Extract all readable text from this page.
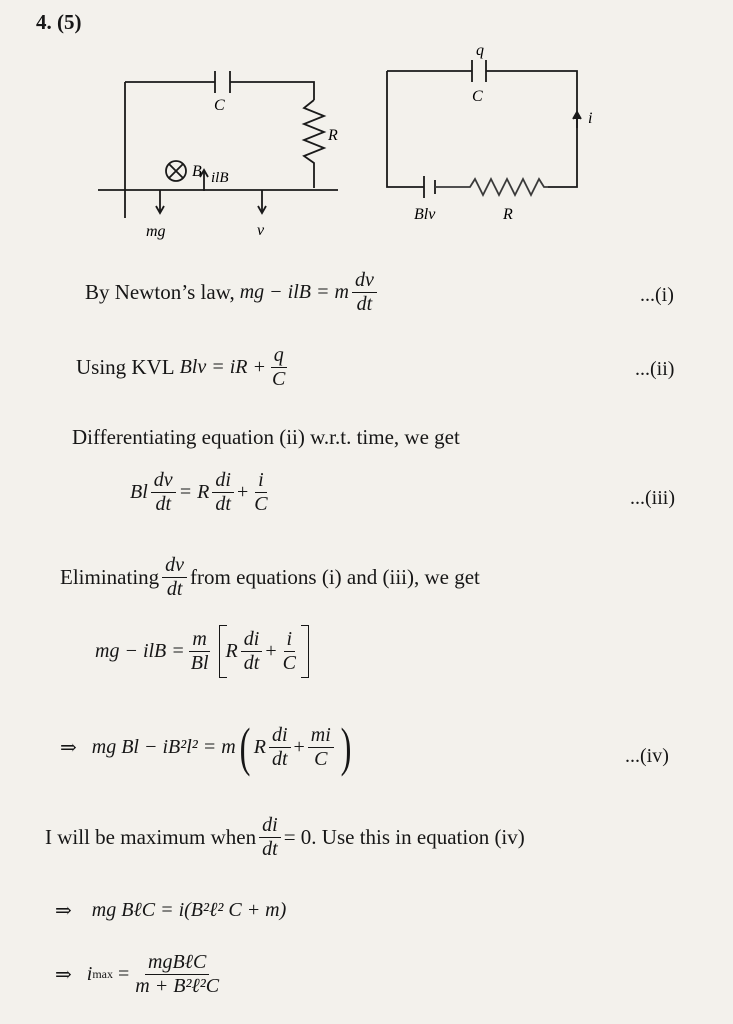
4. (5)
C
R
B ilB
mg	v
q
C
i
Blv	R
By Newton’s law,
mg − ilB = m $\frac{dv}{dt}$	...(i)
Using KVL
Blv = iR + $\frac{q}{C}$	...(ii)
Differentiating equation (ii) w.r.t. time, we get
Bl $\frac{dv}{dt} = R \frac{di}{dt} + \frac{i}{C}$	...(iii)
Eliminating $\frac{dv}{dt}$ from equations (i) and (iii), we get
mg − ilB = $\frac{m}{Bl}$ R $\frac{di}{dt} + \frac{i}{C}$
⇒
mg Bl − iB²l² = m ( R $\frac{di}{dt} + \frac{mi}{C}$ )	...(iv)
I will be maximum when $\frac{di}{dt} = 0$. Use this in equation (iv)
⇒
mg BℓC = i(B²ℓ² C + m)
⇒
i max
= $\frac{\text{mgBℓC}}{\text{m + B²ℓ²C}}$
